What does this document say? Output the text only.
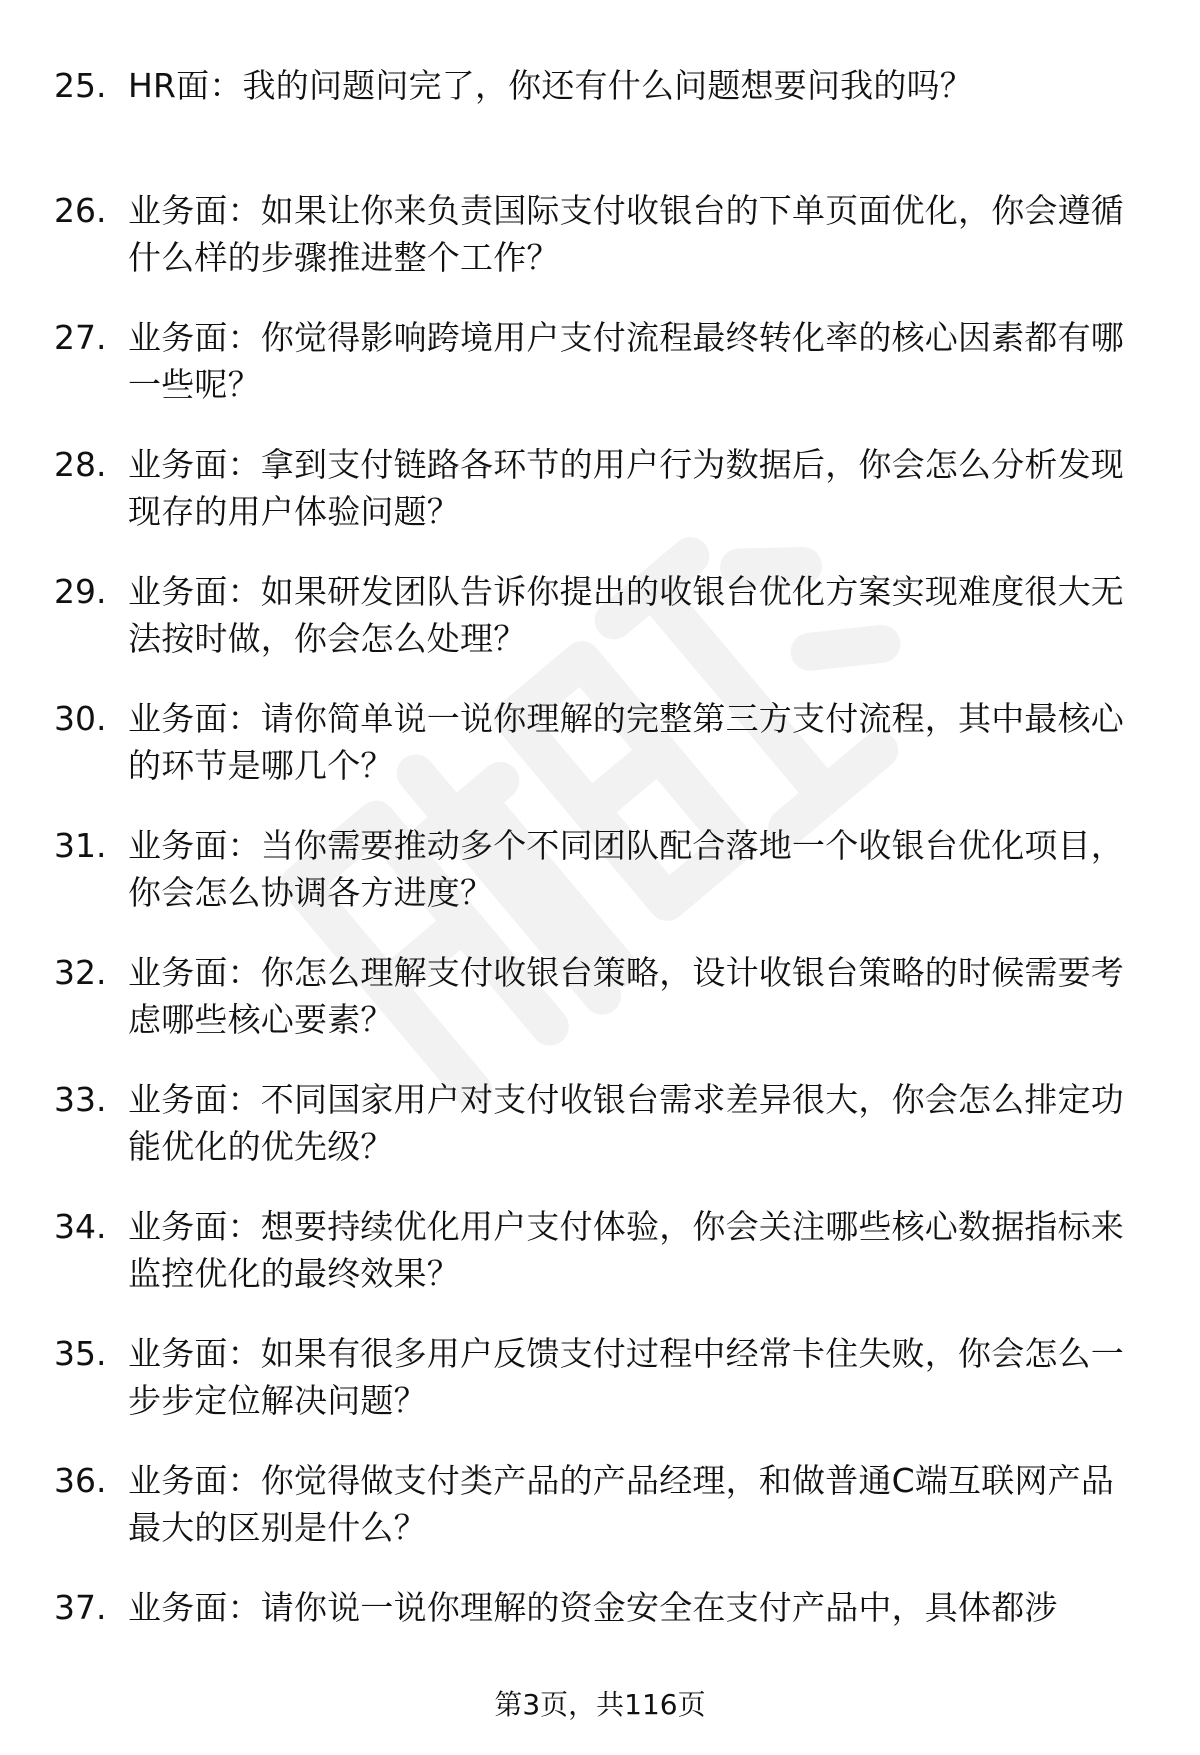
25. HR面：我的问题问完了，你还有什么问题想要问我的吗？
26. 业务面：如果让你来负责国际支付收银台的下单页面优化，你会遵循什么样的步骤推进整个工作？
27. 业务面：你觉得影响跨境用户支付流程最终转化率的核心因素都有哪一些呢？
28. 业务面：拿到支付链路各环节的用户行为数据后，你会怎么分析发现现存的用户体验问题？
29. 业务面：如果研发团队告诉你提出的收银台优化方案实现难度很大无法按时做，你会怎么处理？
30. 业务面：请你简单说一说你理解的完整第三方支付流程，其中最核心的环节是哪几个？
31. 业务面：当你需要推动多个不同团队配合落地一个收银台优化项目，你会怎么协调各方进度？
32. 业务面：你怎么理解支付收银台策略，设计收银台策略的时候需要考虑哪些核心要素？
33. 业务面：不同国家用户对支付收银台需求差异很大，你会怎么排定功能优化的优先级？
34. 业务面：想要持续优化用户支付体验，你会关注哪些核心数据指标来监控优化的最终效果？
35. 业务面：如果有很多用户反馈支付过程中经常卡住失败，你会怎么一步步定位解决问题？
36. 业务面：你觉得做支付类产品的产品经理，和做普通C端互联网产品最大的区别是什么？
37. 业务面：请你说一说你理解的资金安全在支付产品中，具体都涉
第3页，共116页
